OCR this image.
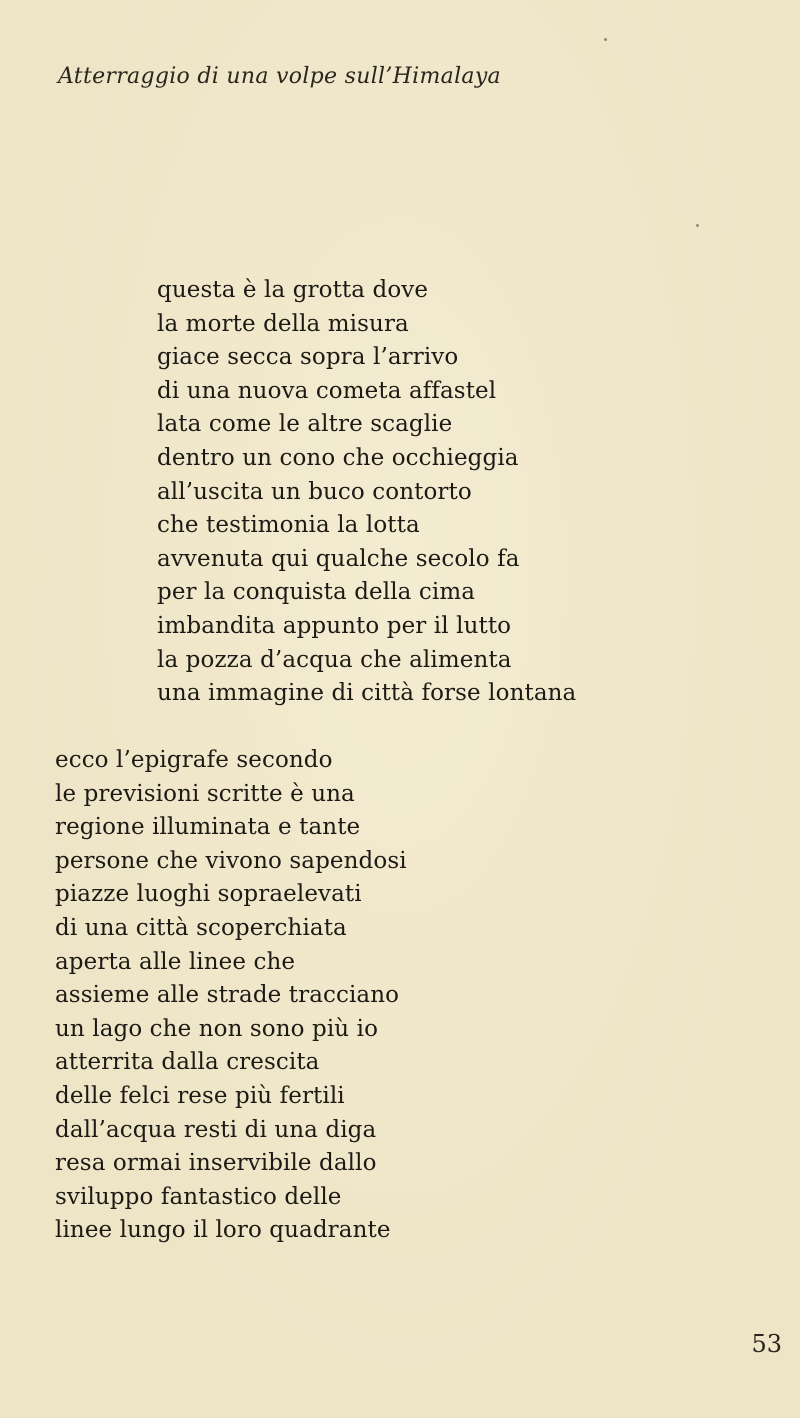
Atterraggio di una volpe sull’Himalaya
questa è la grotta dove
la morte della misura
giace secca sopra l’arrivo
di una nuova cometa affastel
lata come le altre scaglie
dentro un cono che occhieggia
all’uscita un buco contorto
che testimonia la lotta
avvenuta qui qualche secolo fa
per la conquista della cima
imbandita appunto per il lutto
la pozza d’acqua che alimenta
una immagine di città forse lontana
ecco l’epigrafe secondo
le previsioni scritte è una
regione illuminata e tante
persone che vivono sapendosi
piazze luoghi sopraelevati
di una città scoperchiata
aperta alle linee che
assieme alle strade tracciano
un lago che non sono più io
atterrita dalla crescita
delle felci rese più fertili
dall’acqua resti di una diga
resa ormai inservibile dallo
sviluppo fantastico delle
linee lungo il loro quadrante
53
